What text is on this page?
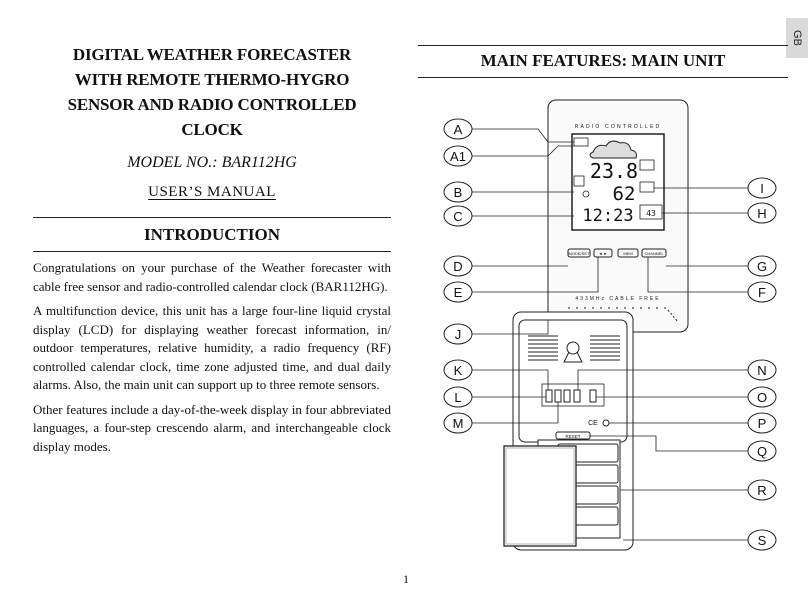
GB
DIGITAL WEATHER FORECASTER
WITH REMOTE THERMO-HYGRO
SENSOR AND RADIO CONTROLLED
CLOCK
MODEL NO.: BAR112HG
USER’S MANUAL
INTRODUCTION

Congratulations on your purchase of the Weather forecaster with cable free sensor and radio-controlled calendar clock (BAR112HG).

A multifunction device, this unit has a large four-line liquid crystal display (LCD) for displaying weather forecast information, in/ outdoor temperatures, relative humidity, a radio frequency (RF) controlled calendar clock, time zone adjusted time, and dual daily alarms. Also, the main unit can support up to three remote sensors.

Other features include a day-of-the-week display in four abbreviated languages, a four-step crescendo alarm, and interchangeable clock display modes.

MAIN FEATURES: MAIN UNIT
RADIO CONTROLLED
23.8
62
12:23 43
MODE/SET ◄ ►	MEM	CHANNEL
433MHz CABLE FREE
RESET
CE
A
A1
B
C
D
E
J
K
L
M
I
H
G
F
N
O
P
Q
R
S
1
